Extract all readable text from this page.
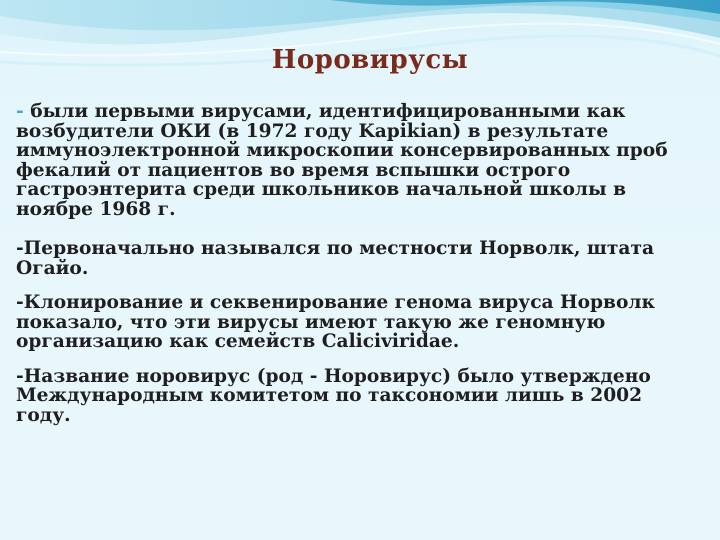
Норовирусы

- были первыми вирусами, идентифицированными как возбудители ОКИ (в 1972 году Kapikian) в результате иммуноэлектронной микроскопии консервированных проб фекалий от пациентов во время вспышки острого гастроэнтерита среди школьников начальной школы в ноябре 1968 г.

-Первоначально назывался по местности Норволк, штата Огайо.

-Клонирование и секвенирование генома вируса Норволк показало, что эти вирусы имеют такую же геномную организацию как семейств Caliciviridae.

-Название норовирус (род - Норовирус) было утверждено Международным комитетом по таксономии лишь в 2002 году.
